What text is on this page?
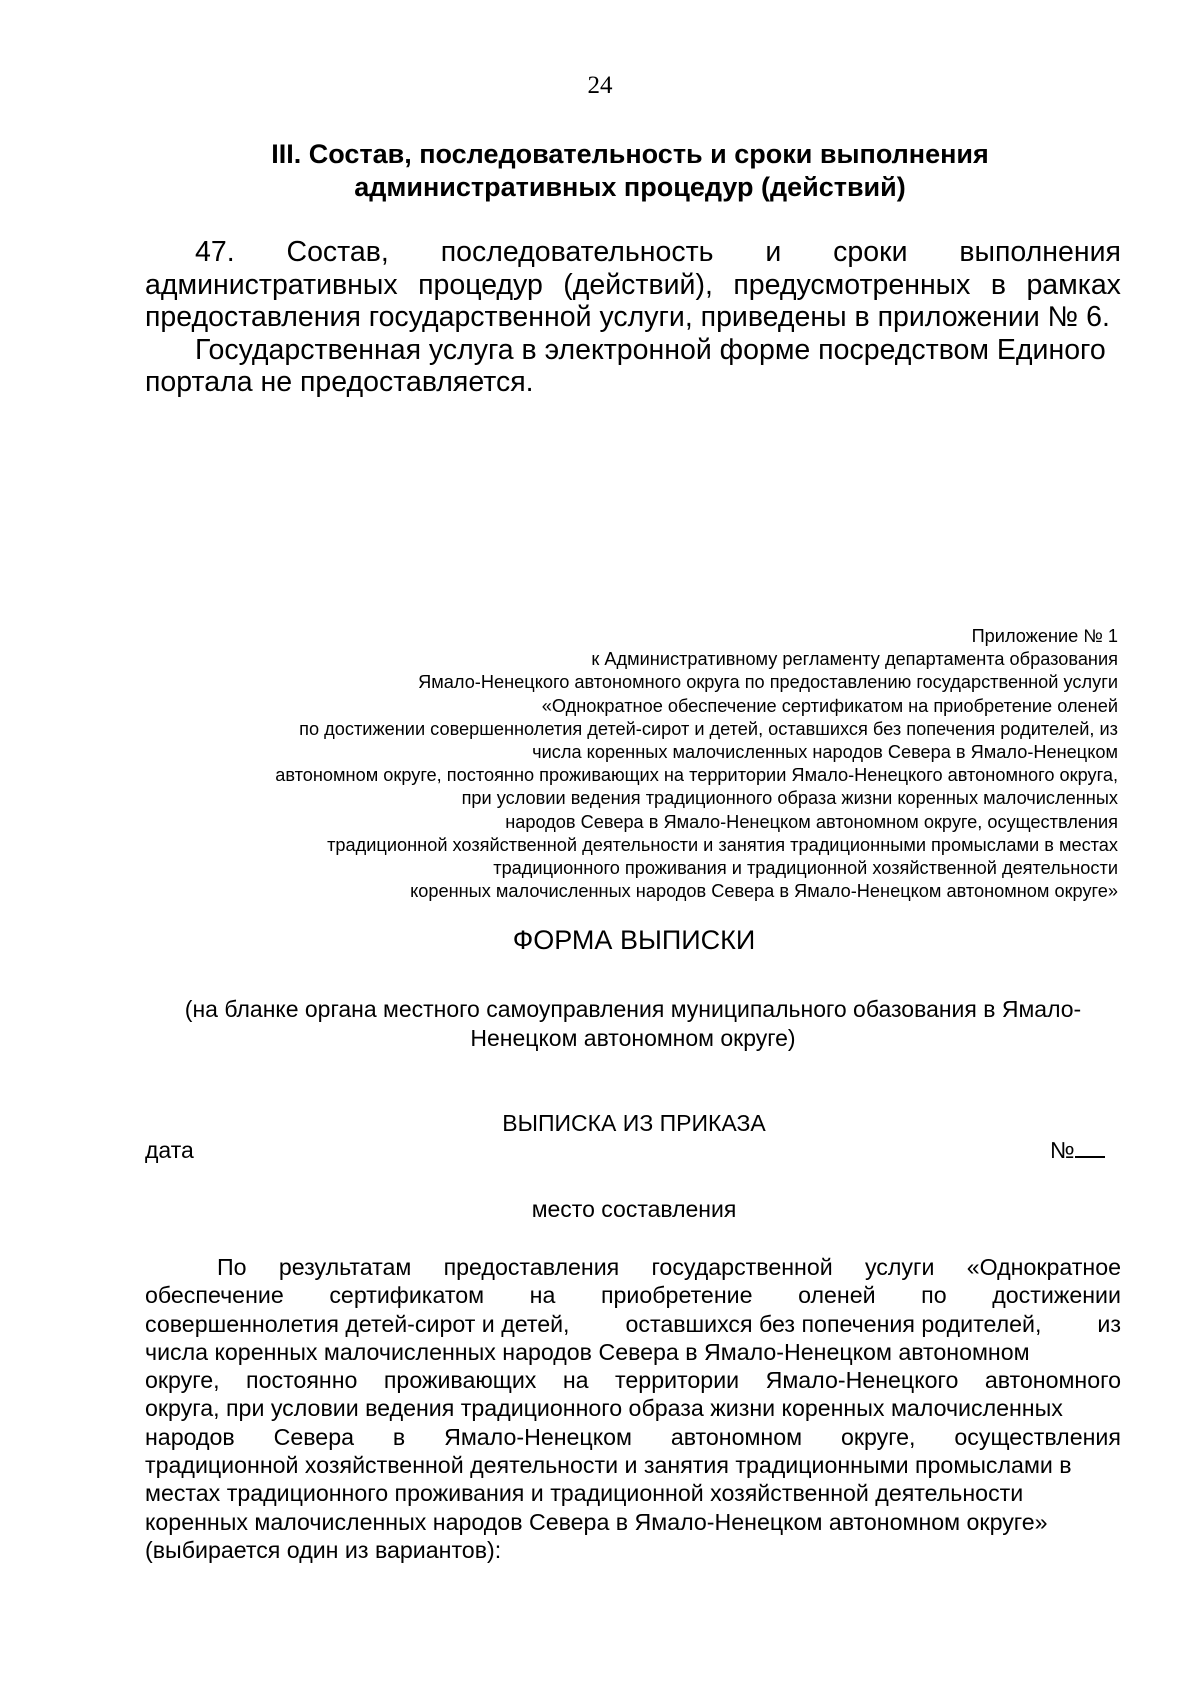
24
III. Состав, последовательность и сроки выполнения
административных процедур (действий)
47. Состав, последовательность и сроки выполнения
административных процедур (действий), предусмотренных в рамках
предоставления государственной услуги, приведены в приложении № 6.
Государственная услуга в электронной форме посредством Единого
портала не предоставляется.
Приложение № 1
к Административному регламенту департамента образования
Ямало-Ненецкого автономного округа по предоставлению государственной услуги
«Однократное обеспечение сертификатом на приобретение оленей
по достижении совершеннолетия детей-сирот и детей, оставшихся без попечения родителей, из
числа коренных малочисленных народов Севера в Ямало-Ненецком
автономном округе, постоянно проживающих на территории Ямало-Ненецкого автономного округа,
при условии ведения традиционного образа жизни коренных малочисленных
народов Севера в Ямало-Ненецком автономном округе, осуществления
традиционной хозяйственной деятельности и занятия традиционными промыслами в местах
традиционного проживания и традиционной хозяйственной деятельности
коренных малочисленных народов Севера в Ямало-Ненецком автономном округе»
ФОРМА ВЫПИСКИ
(на бланке органа местного самоуправления муниципального обазования в Ямало-
Ненецком автономном округе)
ВЫПИСКА ИЗ ПРИКАЗА
дата	№
место составления
По результатам предоставления государственной услуги «Однократное
обеспечение сертификатом на приобретение оленей по достижении
совершеннолетия детей-сирот и детей, оставшихся без попечения родителей, из
числа коренных малочисленных народов Севера в Ямало-Ненецком автономном
округе, постоянно проживающих на территории Ямало-Ненецкого автономного
округа, при условии ведения традиционного образа жизни коренных малочисленных
народов Севера в Ямало-Ненецком автономном округе, осуществления
традиционной хозяйственной деятельности и занятия традиционными промыслами в
местах традиционного проживания и традиционной хозяйственной деятельности
коренных малочисленных народов Севера в Ямало-Ненецком автономном округе»
(выбирается один из вариантов):
